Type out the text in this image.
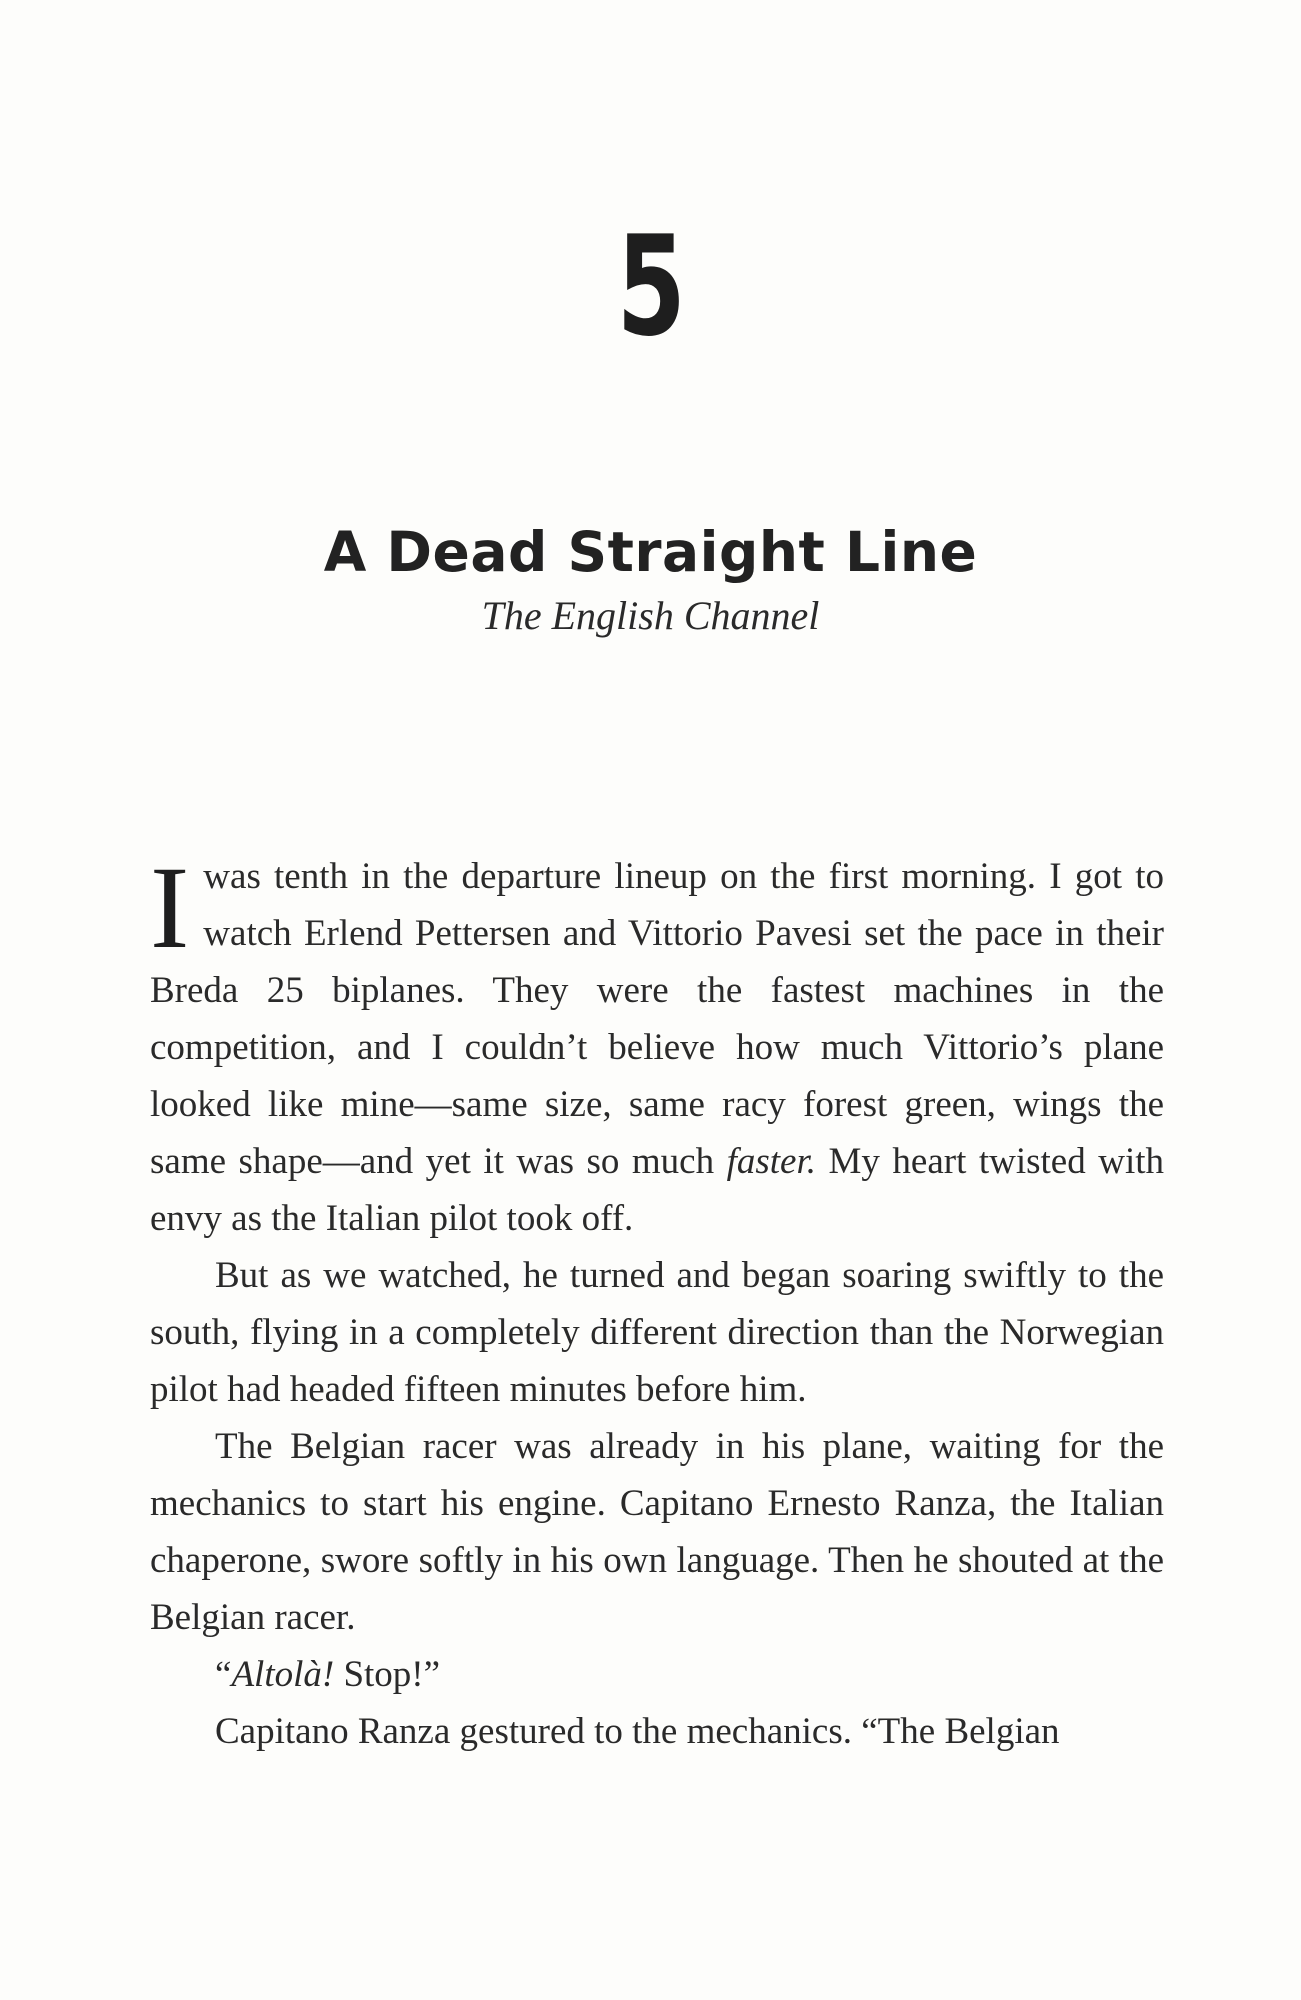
5
A Dead Straight Line
The English Channel

I was tenth in the departure lineup on the first morning. I got to watch Erlend Pettersen and Vittorio Pavesi set the pace in their Breda 25 biplanes. They were the fastest machines in the competition, and I couldn’t believe how much Vittorio’s plane looked like mine—same size, same racy forest green, wings the same shape—and yet it was so much faster. My heart twisted with envy as the Italian pilot took off.

But as we watched, he turned and began soaring swiftly to the south, flying in a completely different direction than the Norwegian pilot had headed fifteen minutes before him.

The Belgian racer was already in his plane, waiting for the mechanics to start his engine. Capitano Ernesto Ranza, the Italian chaperone, swore softly in his own language. Then he shouted at the Belgian racer.

“Altolà! Stop!”

Capitano Ranza gestured to the mechanics. “The Belgian
